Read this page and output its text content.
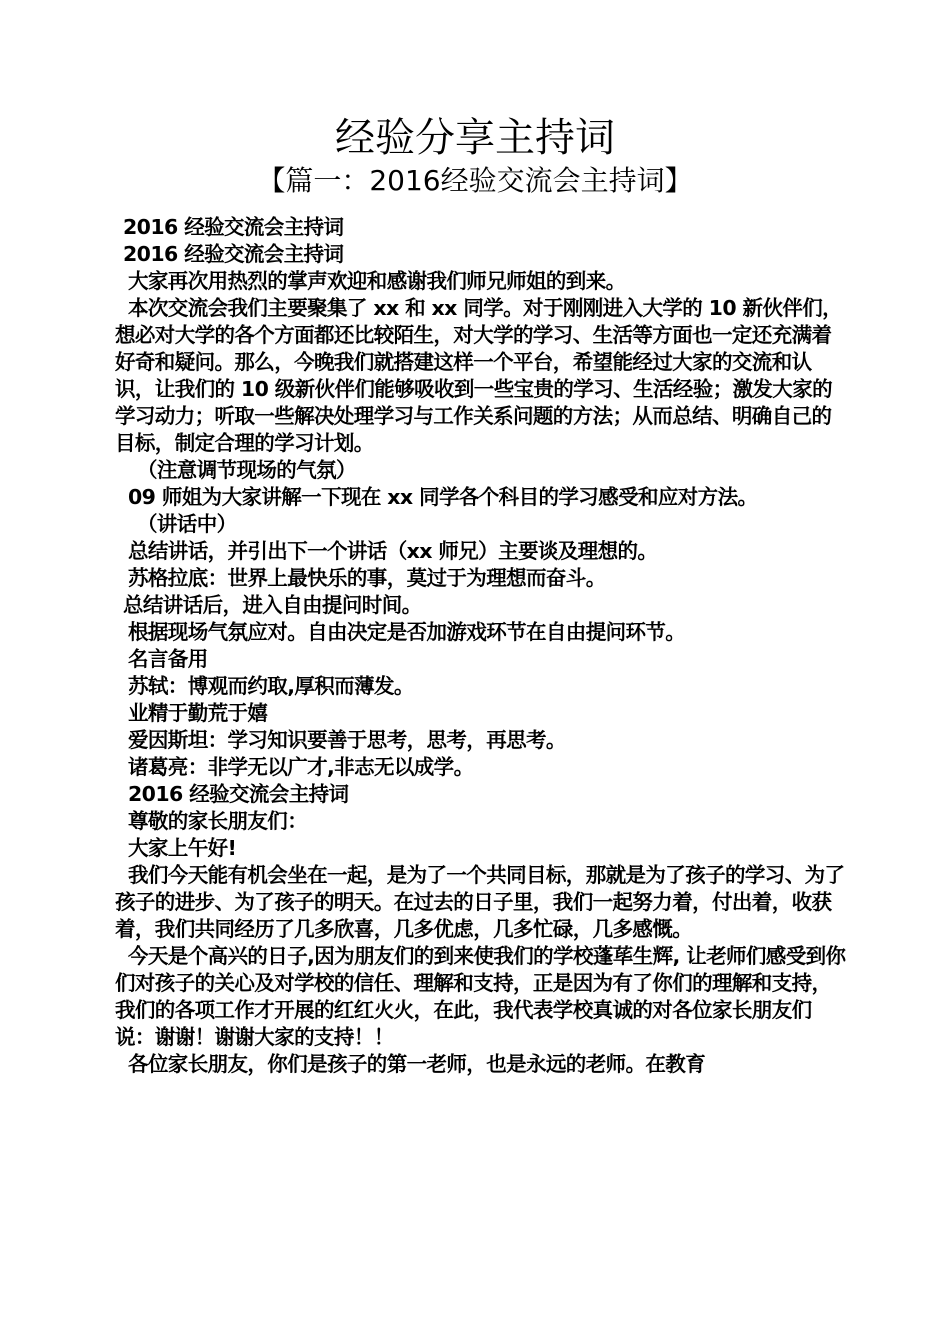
经验分享主持词
【篇一：2016经验交流会主持词】

2016 经验交流会主持词

2016 经验交流会主持词

大家再次用热烈的掌声欢迎和感谢我们师兄师姐的到来。

本次交流会我们主要聚集了 xx 和 xx 同学。对于刚刚进入大学的 10 新伙伴们，想必对大学的各个方面都还比较陌生，对大学的学习、生活等方面也一定还充满着好奇和疑问。那么，今晚我们就搭建这样一个平台，希望能经过大家的交流和认识，让我们的 10 级新伙伴们能够吸收到一些宝贵的学习、生活经验；激发大家的学习动力；听取一些解决处理学习与工作关系问题的方法；从而总结、明确自己的目标，制定合理的学习计划。

（注意调节现场的气氛）

09 师姐为大家讲解一下现在 xx 同学各个科目的学习感受和应对方法。

（讲话中）

总结讲话，并引出下一个讲话（xx 师兄）主要谈及理想的。

苏格拉底：世界上最快乐的事，莫过于为理想而奋斗。

总结讲话后，进入自由提问时间。

根据现场气氛应对。自由决定是否加游戏环节在自由提问环节。

名言备用

苏轼：博观而约取,厚积而薄发。

业精于勤荒于嬉

爱因斯坦：学习知识要善于思考，思考，再思考。

诸葛亮：非学无以广才,非志无以成学。

2016 经验交流会主持词

尊敬的家长朋友们：

大家上午好!

我们今天能有机会坐在一起，是为了一个共同目标，那就是为了孩子的学习、为了孩子的进步、为了孩子的明天。在过去的日子里，我们一起努力着，付出着，收获着，我们共同经历了几多欣喜，几多优虑，几多忙碌，几多感慨。

今天是个高兴的日子,因为朋友们的到来使我们的学校蓬荜生辉, 让老师们感受到你们对孩子的关心及对学校的信任、理解和支持，正是因为有了你们的理解和支持，我们的各项工作才开展的红红火火，在此，我代表学校真诚的对各位家长朋友们说：谢谢！谢谢大家的支持！！

各位家长朋友，你们是孩子的第一老师，也是永远的老师。在教育
